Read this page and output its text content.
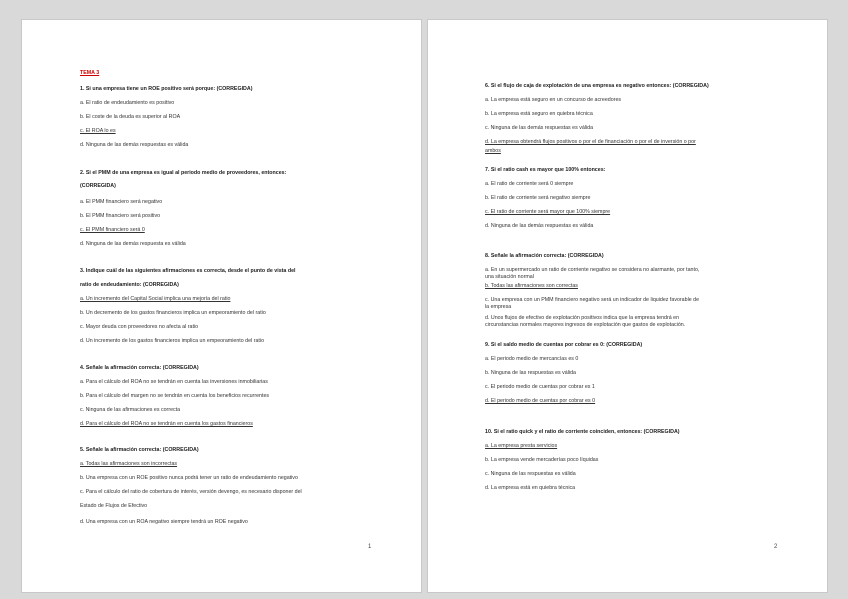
TEMA 3
1. Si una empresa tiene un ROE positivo será porque: (CORREGIDA)
a. El ratio de endeudamiento es positivo
b. El coste de la deuda es superior al ROA
c. El ROA lo es
d. Ninguna de las demás respuestas es válida
2. Si el PMM de una empresa es igual al periodo medio de proveedores, entonces:
(CORREGIDA)
a. El PMM financiero será negativo
b. El PMM financiero será positivo
c. El PMM financiero será 0
d. Ninguna de las demás respuesta es válida
3. Indique cuál de las siguientes afirmaciones es correcta, desde el punto de vista del
ratio de endeudamiento: (CORREGIDA)
a. Un incremento del Capital Social implica una mejoría del ratio
b. Un decremento de los gastos financieros implica un empeoramiento del ratio
c. Mayor deuda con proveedores no afecta al ratio
d. Un incremento de los gastos financieros implica un empeoramiento del ratio
4. Señale la afirmación correcta: (CORREGIDA)
a. Para el cálculo del ROA no se tendrán en cuenta las inversiones inmobiliarias
b. Para el cálculo del margen no se tendrán en cuenta los beneficios recurrentes
c. Ninguna de las afirmaciones es correcta
d. Para el cálculo del ROA no se tendrán en cuenta los gastos financieros
5. Señale la afirmación correcta: (CORREGIDA)
a. Todas las afirmaciones son incorrectas
b. Una empresa con un ROE positivo nunca podrá tener un ratio de endeudamiento negativo
c. Para el cálculo del ratio de cobertura de interés, versión devengo, es necesario disponer del
Estado de Flujos de Efectivo
d. Una empresa con un ROA negativo siempre tendrá un ROE negativo
1
6. Si el flujo de caja de explotación de una empresa es negativo entonces: (CORREGIDA)
a. La empresa está seguro en un concurso de acreedores
b. La empresa está seguro en quiebra técnica
c. Ninguna de las demás respuestas es válida
d. La empresa obtendrá flujos positivos o por el de financiación o por el de inversión o por
ambos
7. Si el ratio cash es mayor que 100% entonces:
a. El ratio de corriente será 0 siempre
b. El ratio de corriente será negativo siempre
c. El ratio de corriente será mayor que 100% siempre
d. Ninguna de las demás respuestas es válida
8. Señale la afirmación correcta: (CORREGIDA)
a. En un supermercado un ratio de corriente negativo se considera no alarmante, por tanto,
una situación normal
b. Todas las afirmaciones son correctas
c. Una empresa con un PMM financiero negativo será un indicador de liquidez favorable de
la empresa
d. Unos flujos de efectivo de explotación positivos indica que la empresa tendrá en
circunstancias normales mayores ingresos de explotación que gastos de explotación.
9. Si el saldo medio de cuentas por cobrar es 0: (CORREGIDA)
a. El periodo medio de mercancías es 0
b. Ninguna de las respuestas es válida
c. El periodo medio de cuentas por cobrar es 1
d. El periodo medio de cuentas por cobrar es 0
10. Si el ratio quick y el ratio de corriente coinciden, entonces: (CORREGIDA)
a. La empresa presta servicios
b. La empresa vende mercaderías poco líquidas
c. Ninguna de las respuestas es válida
d. La empresa está en quiebra técnica
2
